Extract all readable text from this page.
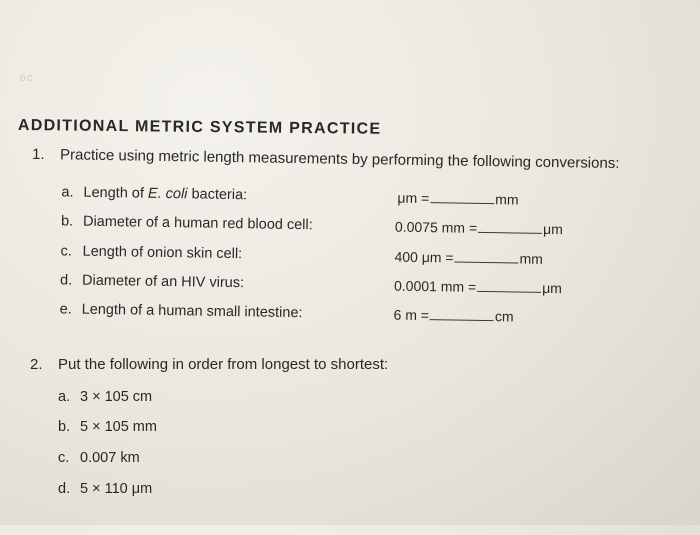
oc
ADDITIONAL METRIC SYSTEM PRACTICE
1. Practice using metric length measurements by performing the following conversions:
a. Length of E. coli bacteria:	μm =	mm
b. Diameter of a human red blood cell:	0.0075 mm =	μm
c. Length of onion skin cell:	400 μm =	mm
d. Diameter of an HIV virus:	0.0001 mm =	μm
e. Length of a human small intestine:	6 m =	cm
2. Put the following in order from longest to shortest:
a. 3 × 105 cm
b. 5 × 105 mm
c. 0.007 km
d. 5 × 110 μm
